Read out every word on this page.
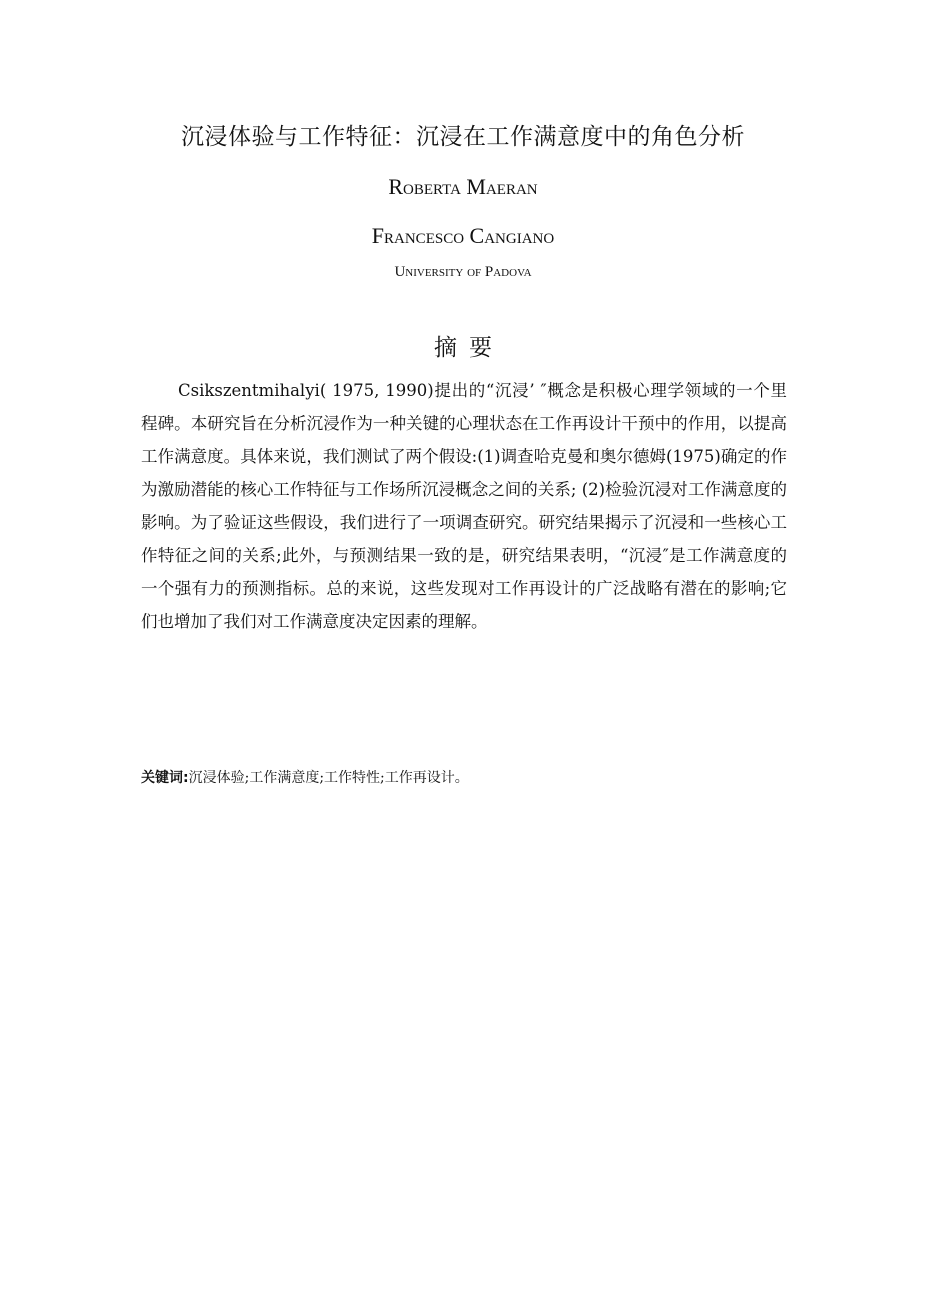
沉浸体验与工作特征：沉浸在工作满意度中的角色分析
Roberta Maeran
Francesco Cangiano
University of Padova
摘要

Csikszentmihalyi( 1975, 1990)提出的“沉浸’ ″概念是积极心理学领域的一个里程碑。本研究旨在分析沉浸作为一种关键的心理状态在工作再设计干预中的作用，以提高工作满意度。具体来说，我们测试了两个假设:(1)调查哈克曼和奥尔德姆(1975)确定的作为激励潜能的核心工作特征与工作场所沉浸概念之间的关系; (2)检验沉浸对工作满意度的影响。为了验证这些假设，我们进行了一项调查研究。研究结果揭示了沉浸和一些核心工作特征之间的关系;此外，与预测结果一致的是，研究结果表明，“沉浸″是工作满意度的一个强有力的预测指标。总的来说，这些发现对工作再设计的广泛战略有潜在的影响;它们也增加了我们对工作满意度决定因素的理解。

关键词:沉浸体验;工作满意度;工作特性;工作再设计。
